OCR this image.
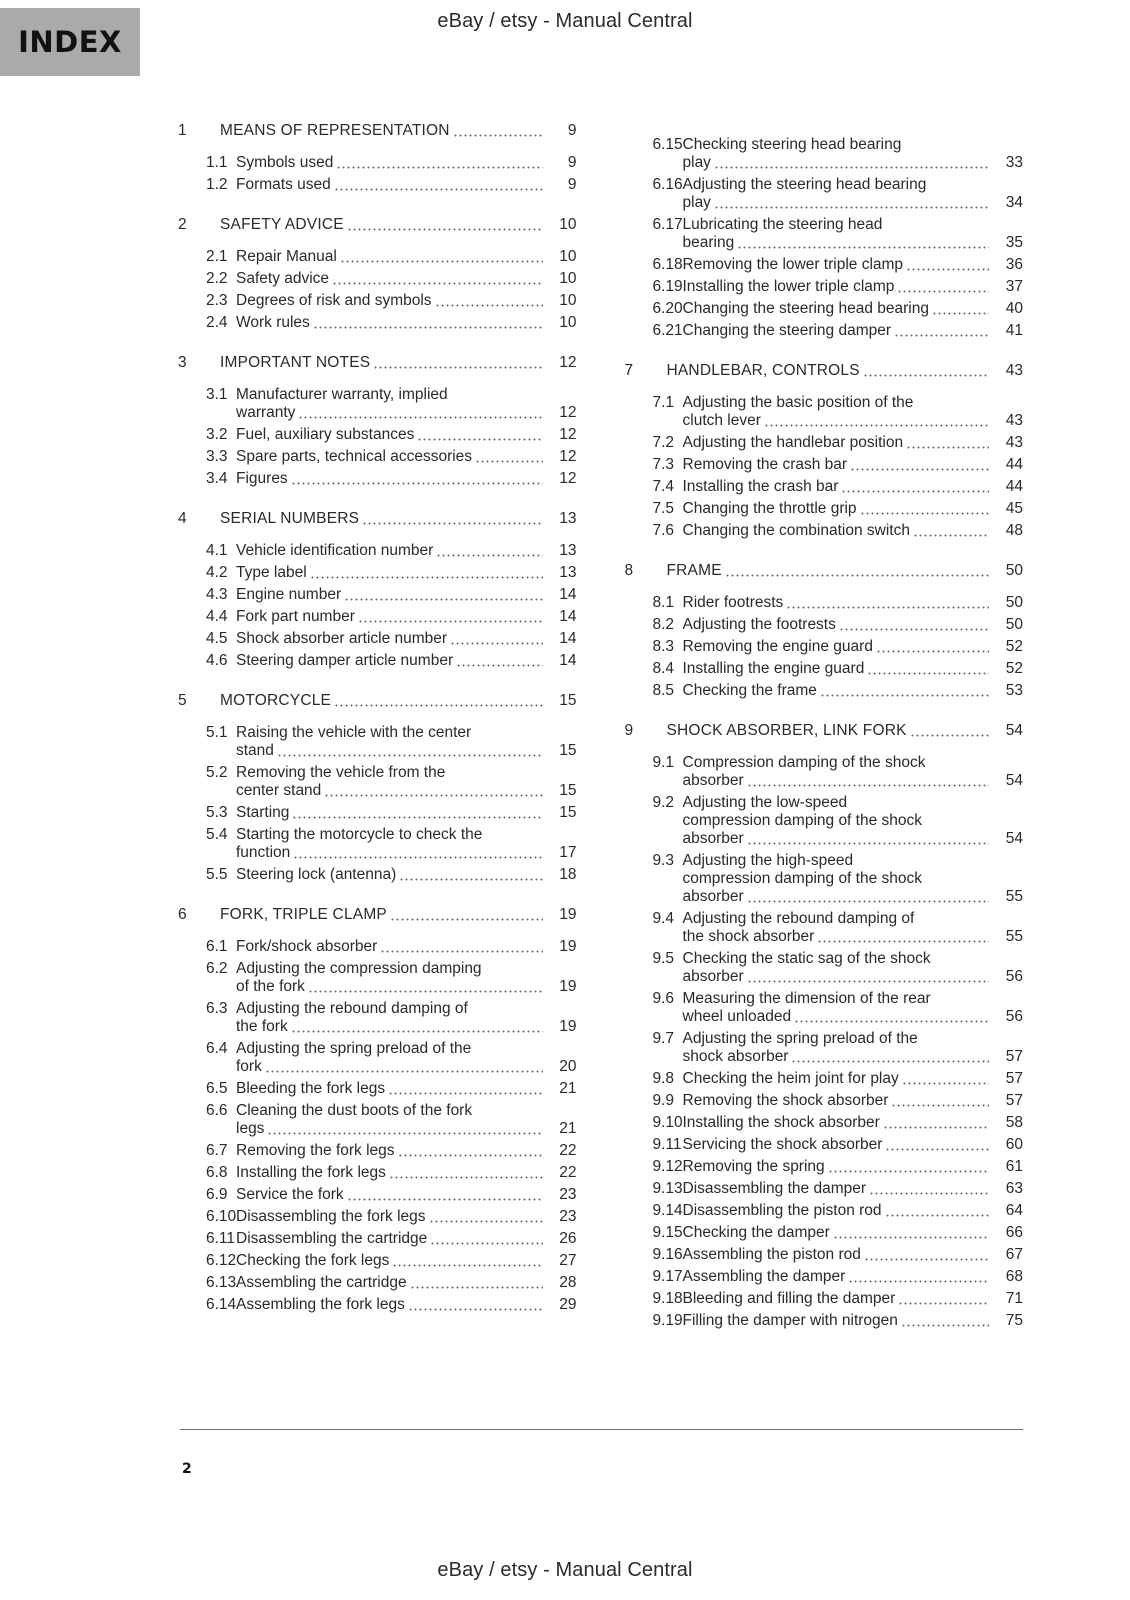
INDEX
eBay / etsy - Manual Central
1	MEANS OF REPRESENTATION	9
1.1 Symbols used	9
1.2 Formats used	9
2	SAFETY ADVICE	10
2.1 Repair Manual	10
2.2 Safety advice	10
2.3 Degrees of risk and symbols	10
2.4 Work rules	10
3	IMPORTANT NOTES	12
3.1 Manufacturer warranty, implied
warranty	12
3.2 Fuel, auxiliary substances	12
3.3 Spare parts, technical accessories	12
3.4 Figures	12
4	SERIAL NUMBERS	13
4.1 Vehicle identification number	13
4.2 Type label	13
4.3 Engine number	14
4.4 Fork part number	14
4.5 Shock absorber article number	14
4.6 Steering damper article number	14
5	MOTORCYCLE	15
5.1 Raising the vehicle with the center
stand	15
5.2 Removing the vehicle from the
center stand	15
5.3 Starting	15
5.4 Starting the motorcycle to check the
function	17
5.5 Steering lock (antenna)	18
6	FORK, TRIPLE CLAMP	19
6.1 Fork/shock absorber	19
6.2 Adjusting the compression damping
of the fork	19
6.3 Adjusting the rebound damping of
the fork	19
6.4 Adjusting the spring preload of the
fork	20
6.5 Bleeding the fork legs	21
6.6 Cleaning the dust boots of the fork
legs	21
6.7 Removing the fork legs	22
6.8 Installing the fork legs	22
6.9 Service the fork	23
6.10 Disassembling the fork legs	23
6.11 Disassembling the cartridge	26
6.12 Checking the fork legs	27
6.13 Assembling the cartridge	28
6.14 Assembling the fork legs	29
6.15 Checking steering head bearing
play	33
6.16 Adjusting the steering head bearing
play	34
6.17 Lubricating the steering head
bearing	35
6.18 Removing the lower triple clamp	36
6.19 Installing the lower triple clamp	37
6.20 Changing the steering head bearing	40
6.21 Changing the steering damper	41
7	HANDLEBAR, CONTROLS	43
7.1 Adjusting the basic position of the
clutch lever	43
7.2 Adjusting the handlebar position	43
7.3 Removing the crash bar	44
7.4 Installing the crash bar	44
7.5 Changing the throttle grip	45
7.6 Changing the combination switch	48
8	FRAME	50
8.1 Rider footrests	50
8.2 Adjusting the footrests	50
8.3 Removing the engine guard	52
8.4 Installing the engine guard	52
8.5 Checking the frame	53
9	SHOCK ABSORBER, LINK FORK	54
9.1 Compression damping of the shock
absorber	54
9.2 Adjusting the low-speed
compression damping of the shock
absorber	54
9.3 Adjusting the high-speed
compression damping of the shock
absorber	55
9.4 Adjusting the rebound damping of
the shock absorber	55
9.5 Checking the static sag of the shock
absorber	56
9.6 Measuring the dimension of the rear
wheel unloaded	56
9.7 Adjusting the spring preload of the
shock absorber	57
9.8 Checking the heim joint for play	57
9.9 Removing the shock absorber	57
9.10 Installing the shock absorber	58
9.11 Servicing the shock absorber	60
9.12 Removing the spring	61
9.13 Disassembling the damper	63
9.14 Disassembling the piston rod	64
9.15 Checking the damper	66
9.16 Assembling the piston rod	67
9.17 Assembling the damper	68
9.18 Bleeding and filling the damper	71
9.19 Filling the damper with nitrogen	75
2
eBay / etsy - Manual Central
